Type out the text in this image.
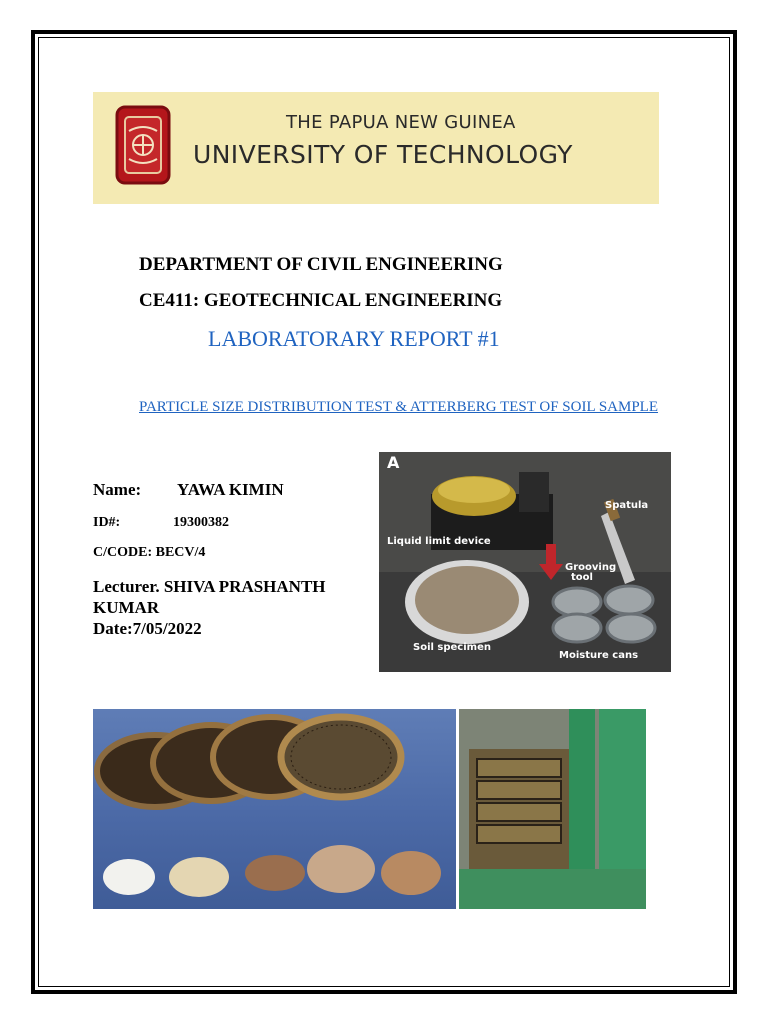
THE PAPUA NEW GUINEA
UNIVERSITY OF TECHNOLOGY
DEPARTMENT OF CIVIL ENGINEERING
CE411: GEOTECHNICAL ENGINEERING
LABORATORARY REPORT #1
PARTICLE SIZE DISTRIBUTION TEST & ATTERBERG TEST OF SOIL SAMPLE
Name: YAWA KIMIN
ID#:	19300382
C/CODE: BECV/4
Lecturer. SHIVA PRASHANTH KUMAR
Date:7/05/2022
A
Spatula
Liquid limit device
Grooving
tool
Soil specimen
Moisture cans
